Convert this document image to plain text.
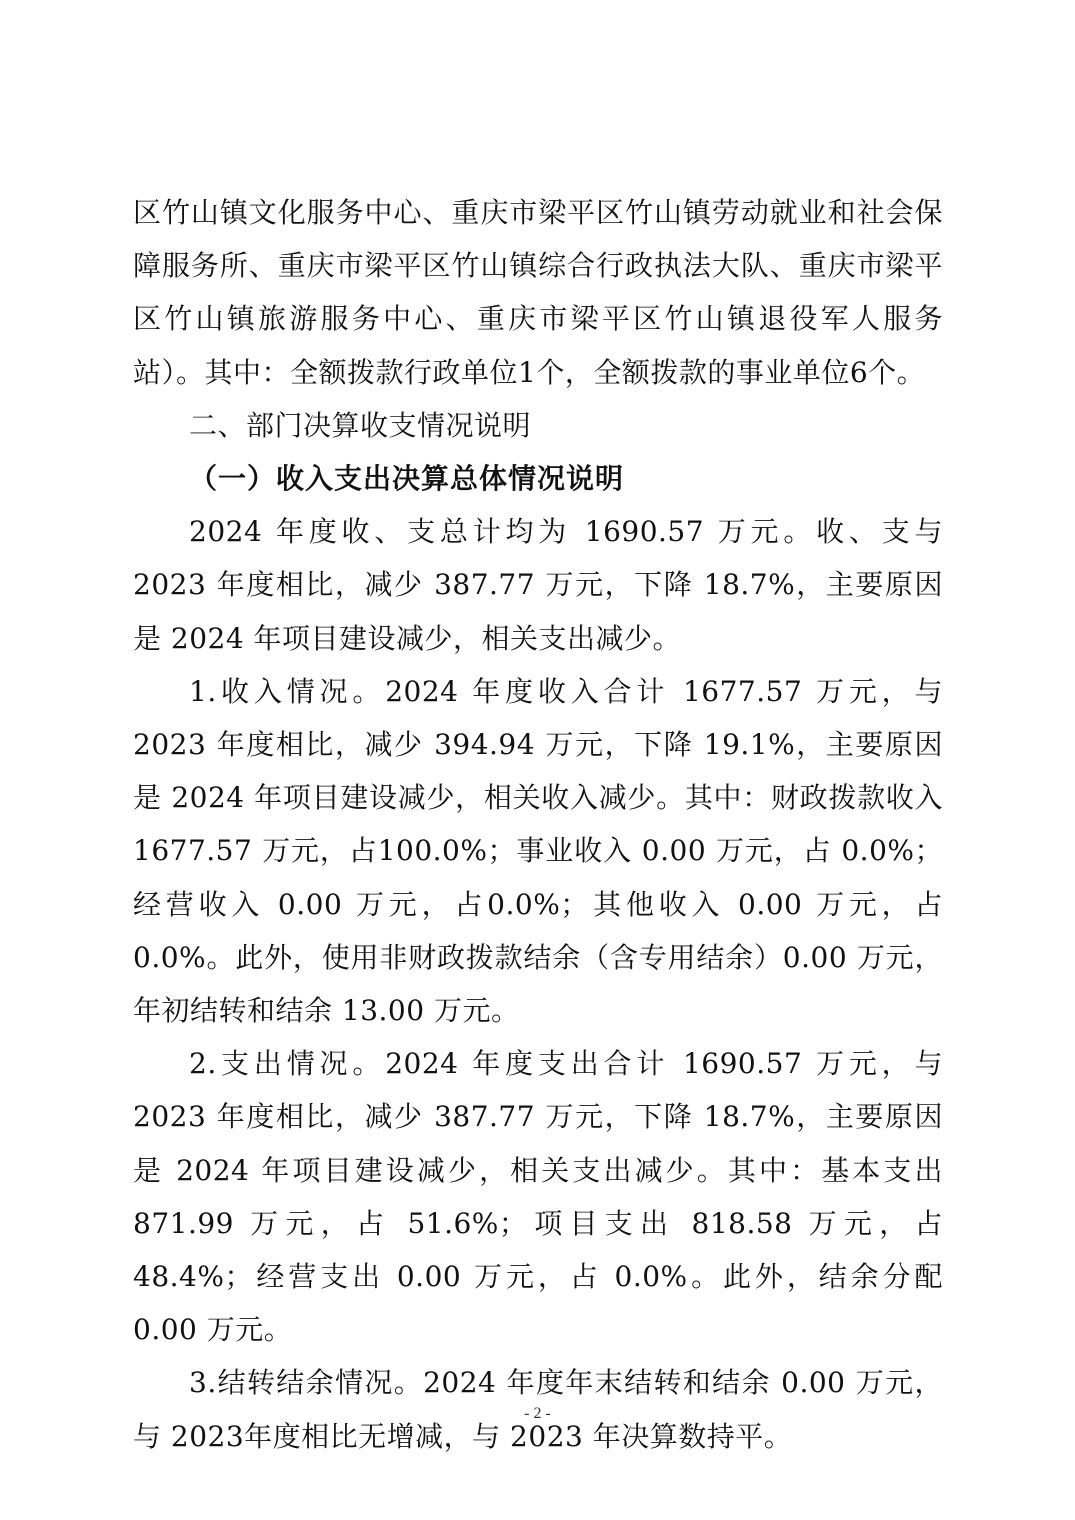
区竹山镇文化服务中心、重庆市梁平区竹山镇劳动就业和社会保障服务所、重庆市梁平区竹山镇综合行政执法大队、重庆市梁平区竹山镇旅游服务中心、重庆市梁平区竹山镇退役军人服务站）。其中：全额拨款行政单位1个，全额拨款的事业单位6个。

二、部门决算收支情况说明

（一）收入支出决算总体情况说明

2024 年度收、支总计均为 1690.57 万元。收、支与 2023 年度相比，减少 387.77 万元，下降 18.7%，主要原因是 2024 年项目建设减少，相关支出减少。

1.收入情况。2024 年度收入合计 1677.57 万元，与 2023 年度相比，减少 394.94 万元，下降 19.1%，主要原因是 2024 年项目建设减少，相关收入减少。其中：财政拨款收入 1677.57 万元，占100.0%；事业收入 0.00 万元，占 0.0%；经营收入 0.00 万元，占0.0%；其他收入 0.00 万元，占 0.0%。此外，使用非财政拨款结余（含专用结余）0.00 万元，年初结转和结余 13.00 万元。

2.支出情况。2024 年度支出合计 1690.57 万元，与 2023 年度相比，减少 387.77 万元，下降 18.7%，主要原因是 2024 年项目建设减少，相关支出减少。其中：基本支出 871.99 万元，占 51.6%；项目支出 818.58 万元，占 48.4%；经营支出 0.00 万元，占 0.0%。此外，结余分配 0.00 万元。

3.结转结余情况。2024 年度年末结转和结余 0.00 万元，与 2023年度相比无增减，与 2023 年决算数持平。

- 2 -
